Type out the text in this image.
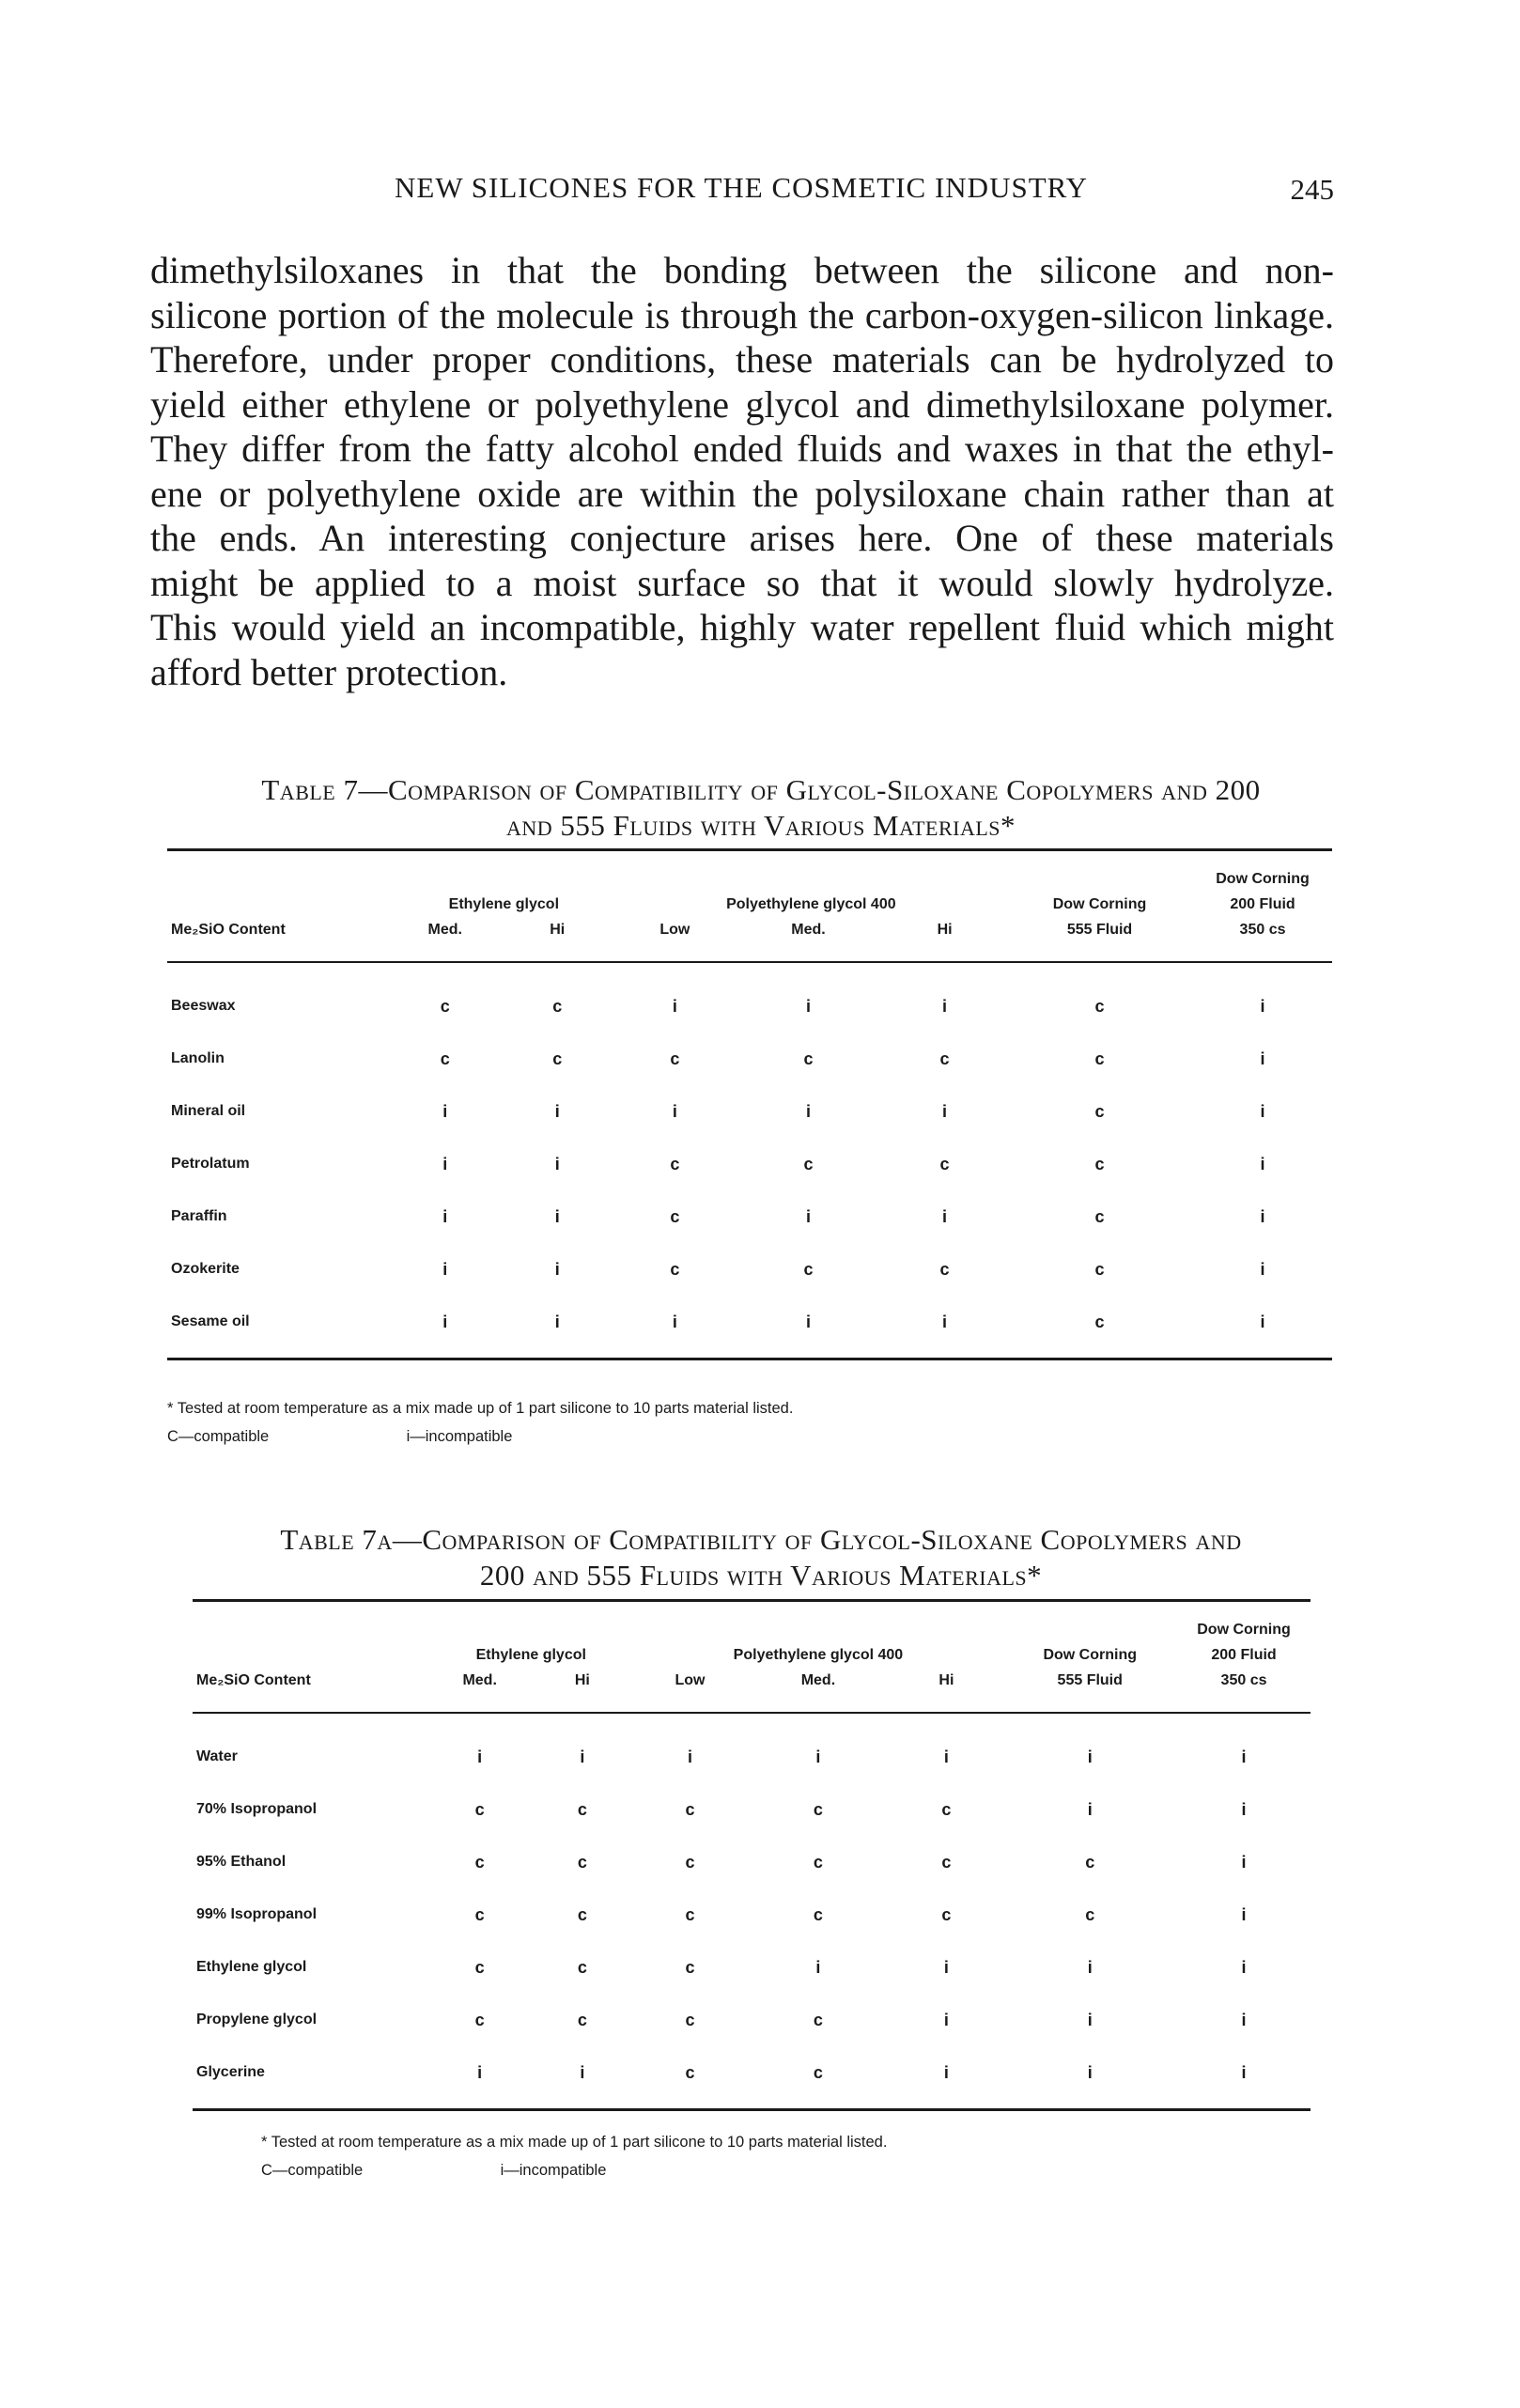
NEW SILICONES FOR THE COSMETIC INDUSTRY	245
dimethylsiloxanes in that the bonding between the silicone and non-
silicone portion of the molecule is through the carbon-oxygen-silicon linkage.
Therefore, under proper conditions, these materials can be hydrolyzed to
yield either ethylene or polyethylene glycol and dimethylsiloxane polymer.
They differ from the fatty alcohol ended fluids and waxes in that the ethyl-
ene or polyethylene oxide are within the polysiloxane chain rather than at
the ends. An interesting conjecture arises here. One of these materials
might be applied to a moist surface so that it would slowly hydrolyze.
This would yield an incompatible, highly water repellent fluid which might
afford better protection.
Table 7—Comparison of Compatibility of Glycol-Siloxane Copolymers and 200
and 555 Fluids with Various Materials*
							Dow Corning
	Ethylene glycol		Polyethylene glycol 400			Dow Corning	200 Fluid
Me₂SiO Content	Med.	Hi	Low	Med.	Hi	555 Fluid	350 cs
Beeswax	c	c	i	i	i	c	i
Lanolin	c	c	c	c	c	c	i
Mineral oil	i	i	i	i	i	c	i
Petrolatum	i	i	c	c	c	c	i
Paraffin	i	i	c	i	i	c	i
Ozokerite	i	i	c	c	c	c	i
Sesame oil	i	i	i	i	i	c	i
* Tested at room temperature as a mix made up of 1 part silicone to 10 parts material listed.
C—compatible	i—incompatible
Table 7a—Comparison of Compatibility of Glycol-Siloxane Copolymers and
200 and 555 Fluids with Various Materials*
							Dow Corning
	Ethylene glycol		Polyethylene glycol 400			Dow Corning	200 Fluid
Me₂SiO Content	Med.	Hi	Low	Med.	Hi	555 Fluid	350 cs
Water	i	i	i	i	i	i	i
70% Isopropanol	c	c	c	c	c	i	i
95% Ethanol	c	c	c	c	c	c	i
99% Isopropanol	c	c	c	c	c	c	i
Ethylene glycol	c	c	c	i	i	i	i
Propylene glycol	c	c	c	c	i	i	i
Glycerine	i	i	c	c	i	i	i
* Tested at room temperature as a mix made up of 1 part silicone to 10 parts material listed.
C—compatible	i—incompatible
